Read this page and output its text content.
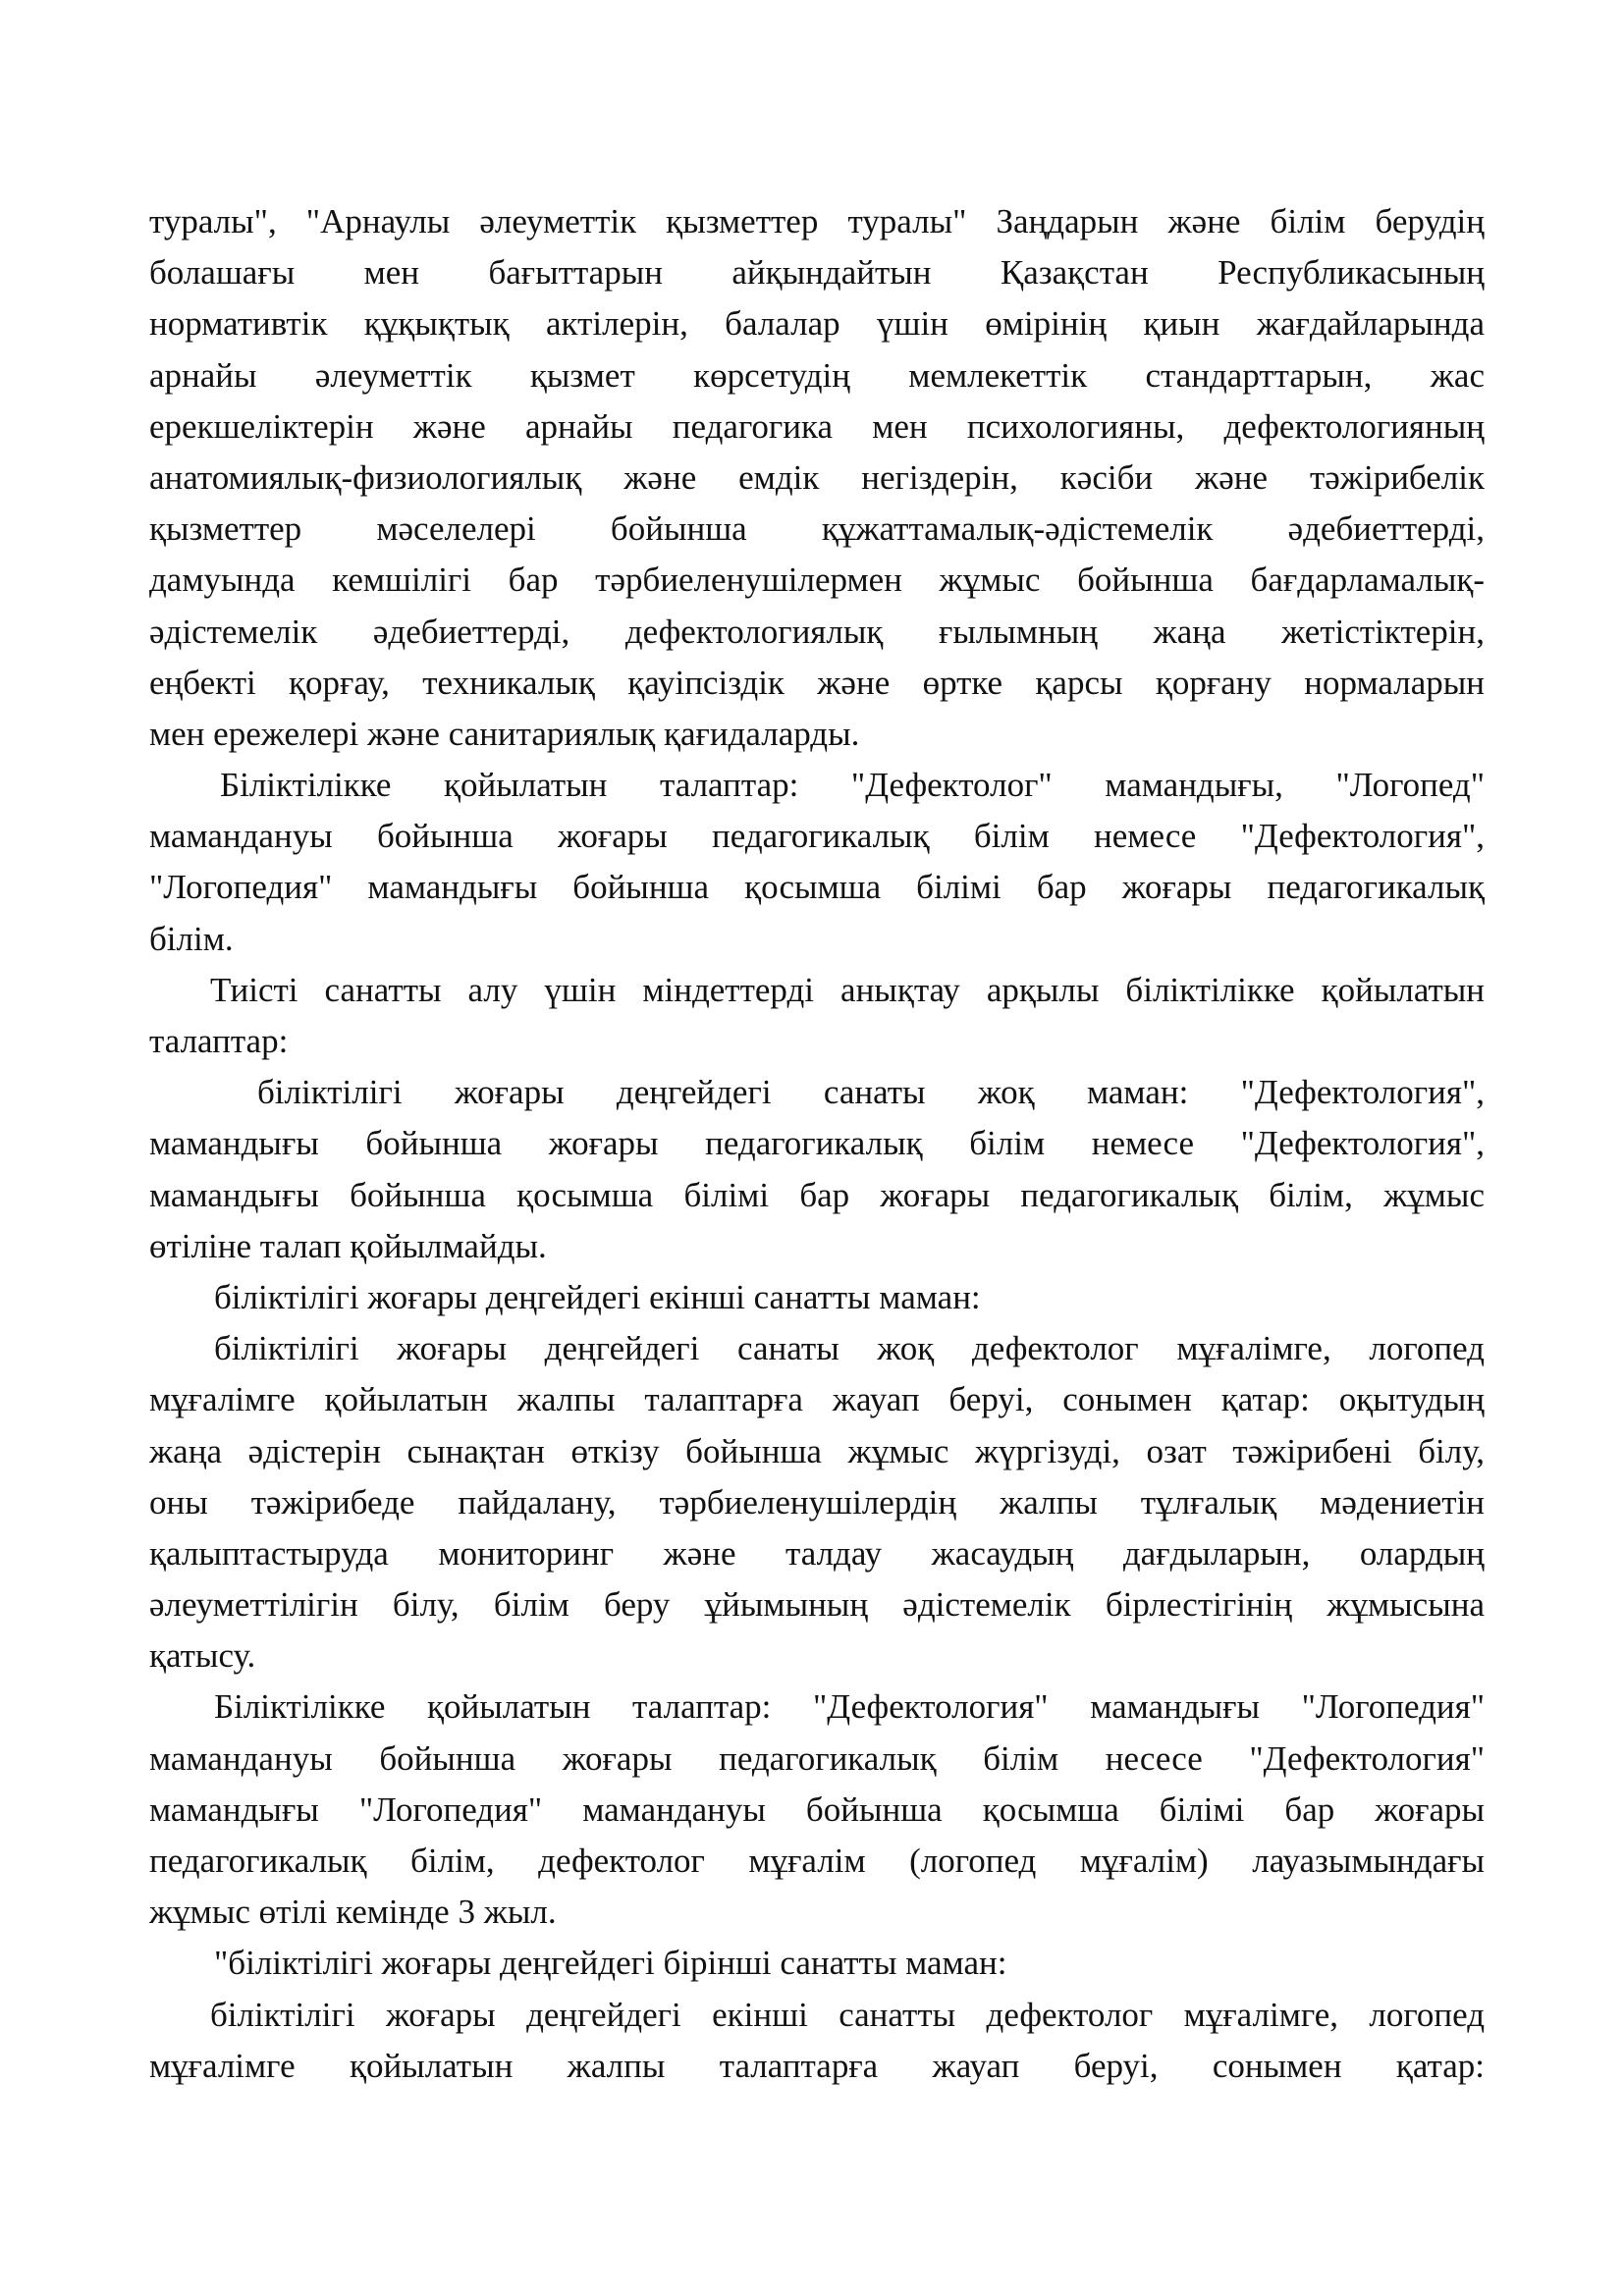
туралы", "Арнаулы әлеуметтік қызметтер туралы" Заңдарын және білім берудің
болашағы мен бағыттарын айқындайтын Қазақстан Республикасының
нормативтік құқықтық актілерін, балалар үшін өмірінің қиын жағдайларында
арнайы әлеуметтік қызмет көрсетудің мемлекеттік стандарттарын, жас
ерекшеліктерін және арнайы педагогика мен психологияны, дефектологияның
анатомиялық-физиологиялық және емдік негіздерін, кәсіби және тәжірибелік
қызметтер мәселелері бойынша құжаттамалық-әдістемелік әдебиеттерді,
дамуында кемшілігі бар тәрбиеленушілермен жұмыс бойынша бағдарламалық-
әдістемелік әдебиеттерді, дефектологиялық ғылымның жаңа жетістіктерін,
еңбекті қорғау, техникалық қауіпсіздік және өртке қарсы қорғану нормаларын
мен ережелері және санитариялық қағидаларды.
Біліктілікке қойылатын талаптар: "Дефектолог" мамандығы, "Логопед"
мамандануы бойынша жоғары педагогикалық білім немесе "Дефектология",
"Логопедия" мамандығы бойынша қосымша білімі бар жоғары педагогикалық
білім.
Тиісті санатты алу үшін міндеттерді анықтау арқылы біліктілікке қойылатын
талаптар:
біліктілігі жоғары деңгейдегі санаты жоқ маман: "Дефектология",
мамандығы бойынша жоғары педагогикалық білім немесе "Дефектология",
мамандығы бойынша қосымша білімі бар жоғары педагогикалық білім, жұмыс
өтіліне талап қойылмайды.
біліктілігі жоғары деңгейдегі екінші санатты маман:
біліктілігі жоғары деңгейдегі санаты жоқ дефектолог мұғалімге, логопед
мұғалімге қойылатын жалпы талаптарға жауап беруі, сонымен қатар: оқытудың
жаңа әдістерін сынақтан өткізу бойынша жұмыс жүргізуді, озат тәжірибені білу,
оны тәжірибеде пайдалану, тәрбиеленушілердің жалпы тұлғалық мәдениетін
қалыптастыруда мониторинг және талдау жасаудың дағдыларын, олардың
әлеуметтілігін білу, білім беру ұйымының әдістемелік бірлестігінің жұмысына
қатысу.
Біліктілікке қойылатын талаптар: "Дефектология" мамандығы "Логопедия"
мамандануы бойынша жоғары педагогикалық білім несесе "Дефектология"
мамандығы "Логопедия" мамандануы бойынша қосымша білімі бар жоғары
педагогикалық білім, дефектолог мұғалім (логопед мұғалім) лауазымындағы
жұмыс өтілі кемінде 3 жыл.
"біліктілігі жоғары деңгейдегі бірінші санатты маман:
біліктілігі жоғары деңгейдегі екінші санатты дефектолог мұғалімге, логопед
мұғалімге қойылатын жалпы талаптарға жауап беруі, сонымен қатар:
